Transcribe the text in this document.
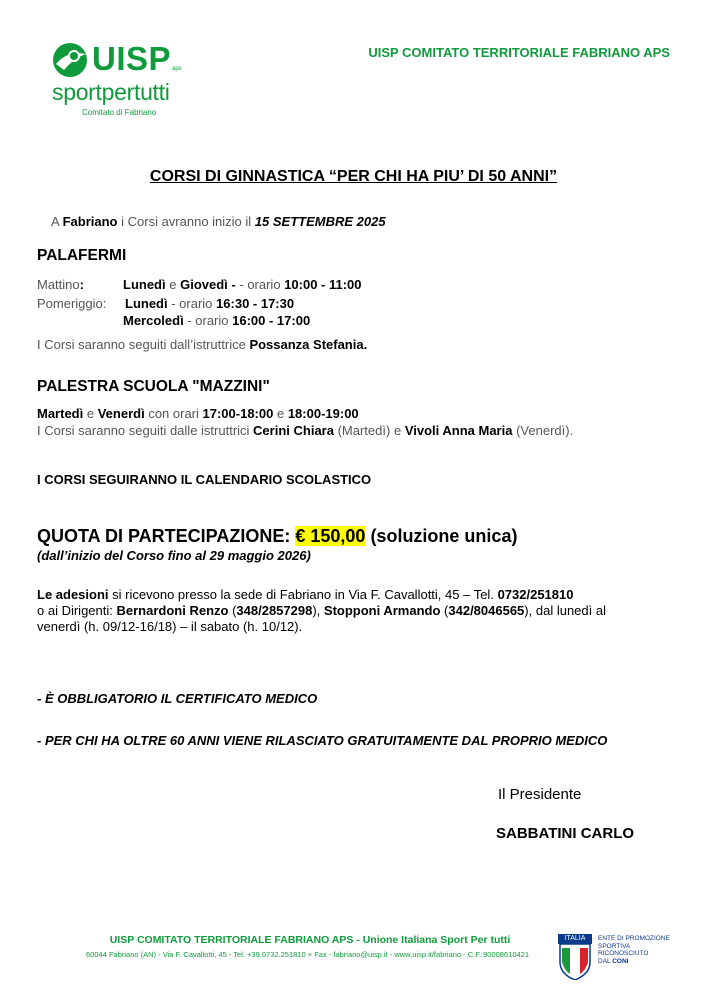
UISP aps
sportpertutti
Comitato di Fabriano
UISP COMITATO TERRITORIALE FABRIANO APS
CORSI DI GINNASTICA “PER CHI HA PIU’ DI 50 ANNI”
A Fabriano i Corsi avranno inizio il 15 SETTEMBRE 2025
PALAFERMI
Mattino:	Lunedì e Giovedì - - orario 10:00 - 11:00
Pomeriggio: Lunedì - orario 16:30 - 17:30
Mercoledì - orario 16:00 - 17:00
I Corsi saranno seguiti dall’istruttrice Possanza Stefania.
PALESTRA SCUOLA "MAZZINI"
Martedì e Venerdì con orari 17:00-18:00 e 18:00-19:00
I Corsi saranno seguiti dalle istruttrici Cerini Chiara (Martedì) e Vivoli Anna Maria (Venerdì).
I CORSI SEGUIRANNO IL CALENDARIO SCOLASTICO
QUOTA DI PARTECIPAZIONE: € 150,00 (soluzione unica)
(dall’inizio del Corso fino al 29 maggio 2026)
Le adesioni si ricevono presso la sede di Fabriano in Via F. Cavallotti, 45 – Tel. 0732/251810
o ai Dirigenti: Bernardoni Renzo (348/2857298), Stopponi Armando (342/8046565), dal lunedì al
venerdì (h. 09/12-16/18) – il sabato (h. 10/12).
- È OBBLIGATORIO IL CERTIFICATO MEDICO
- PER CHI HA OLTRE 60 ANNI VIENE RILASCIATO GRATUITAMENTE DAL PROPRIO MEDICO
Il Presidente
SABBATINI CARLO
UISP COMITATO TERRITORIALE FABRIANO APS - Unione Italiana Sport Per tutti
60044 Fabriano (AN) - Via F. Cavallotti, 45 - Tel. +39.0732.251810 + Fax - fabriano@uisp.it - www.uisp.it/fabriano - C.F.:90008610421
ITALIA	ENTE DI PROMOZIONE
SPORTIVA
RICONOSCIUTO
DAL CONI
